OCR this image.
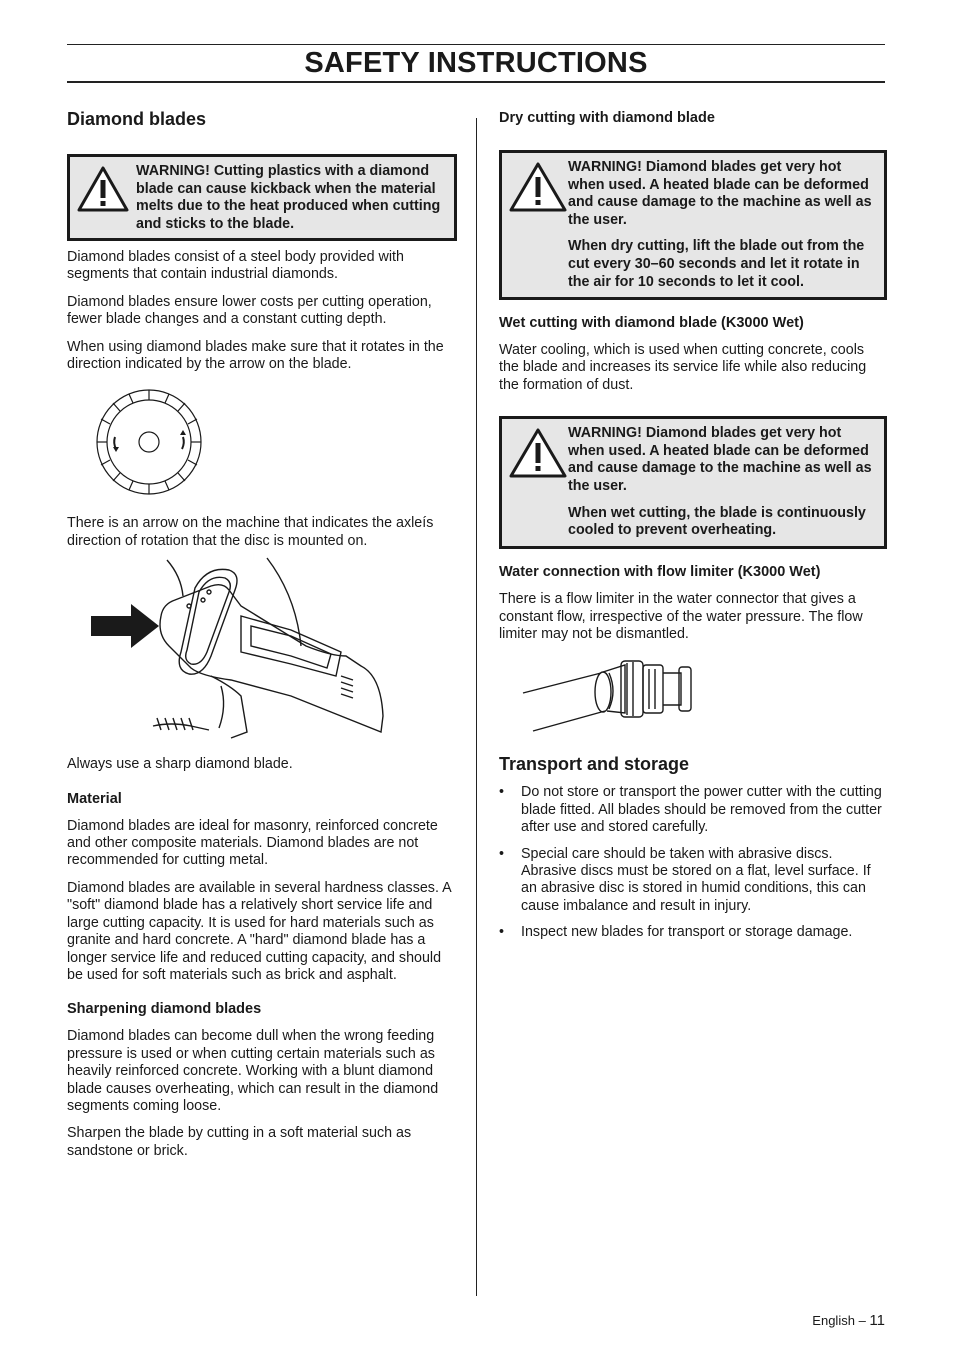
SAFETY INSTRUCTIONS
Diamond blades

WARNING! Cutting plastics with a diamond blade can cause kickback when the material melts due to the heat produced when cutting and sticks to the blade.

Diamond blades consist of a steel body provided with segments that contain industrial diamonds.

Diamond blades ensure lower costs per cutting operation, fewer blade changes and a constant cutting depth.

When using diamond blades make sure that it rotates in the direction indicated by the arrow on the blade.

There is an arrow on the machine that indicates the axleís direction of rotation that the disc is mounted on.

Always use a sharp diamond blade.

Material

Diamond blades are ideal for masonry, reinforced concrete and other composite materials. Diamond blades are not recommended for cutting metal.

Diamond blades are available in several hardness classes. A "soft" diamond blade has a relatively short service life and large cutting capacity. It is used for hard materials such as granite and hard concrete. A "hard" diamond blade has a longer service life and reduced cutting capacity, and should be used for soft materials such as brick and asphalt.

Sharpening diamond blades

Diamond blades can become dull when the wrong feeding pressure is used or when cutting certain materials such as heavily reinforced concrete. Working with a blunt diamond blade causes overheating, which can result in the diamond segments coming loose.

Sharpen the blade by cutting in a soft material such as sandstone or brick.

Dry cutting with diamond blade

WARNING! Diamond blades get very hot when used. A heated blade can be deformed and cause damage to the machine as well as the user.

When dry cutting, lift the blade out from the cut every 30–60 seconds and let it rotate in the air for 10 seconds to let it cool.

Wet cutting with diamond blade (K3000 Wet)

Water cooling, which is used when cutting concrete, cools the blade and increases its service life while also reducing the formation of dust.

WARNING! Diamond blades get very hot when used. A heated blade can be deformed and cause damage to the machine as well as the user.

When wet cutting, the blade is continuously cooled to prevent overheating.

Water connection with flow limiter (K3000 Wet)

There is a flow limiter in the water connector that gives a constant flow, irrespective of the water pressure. The flow limiter may not be dismantled.

Transport and storage
• Do not store or transport the power cutter with the cutting blade fitted. All blades should be removed from the cutter after use and stored carefully.
• Special care should be taken with abrasive discs. Abrasive discs must be stored on a flat, level surface. If an abrasive disc is stored in humid conditions, this can cause imbalance and result in injury.
• Inspect new blades for transport or storage damage.
English – 11
